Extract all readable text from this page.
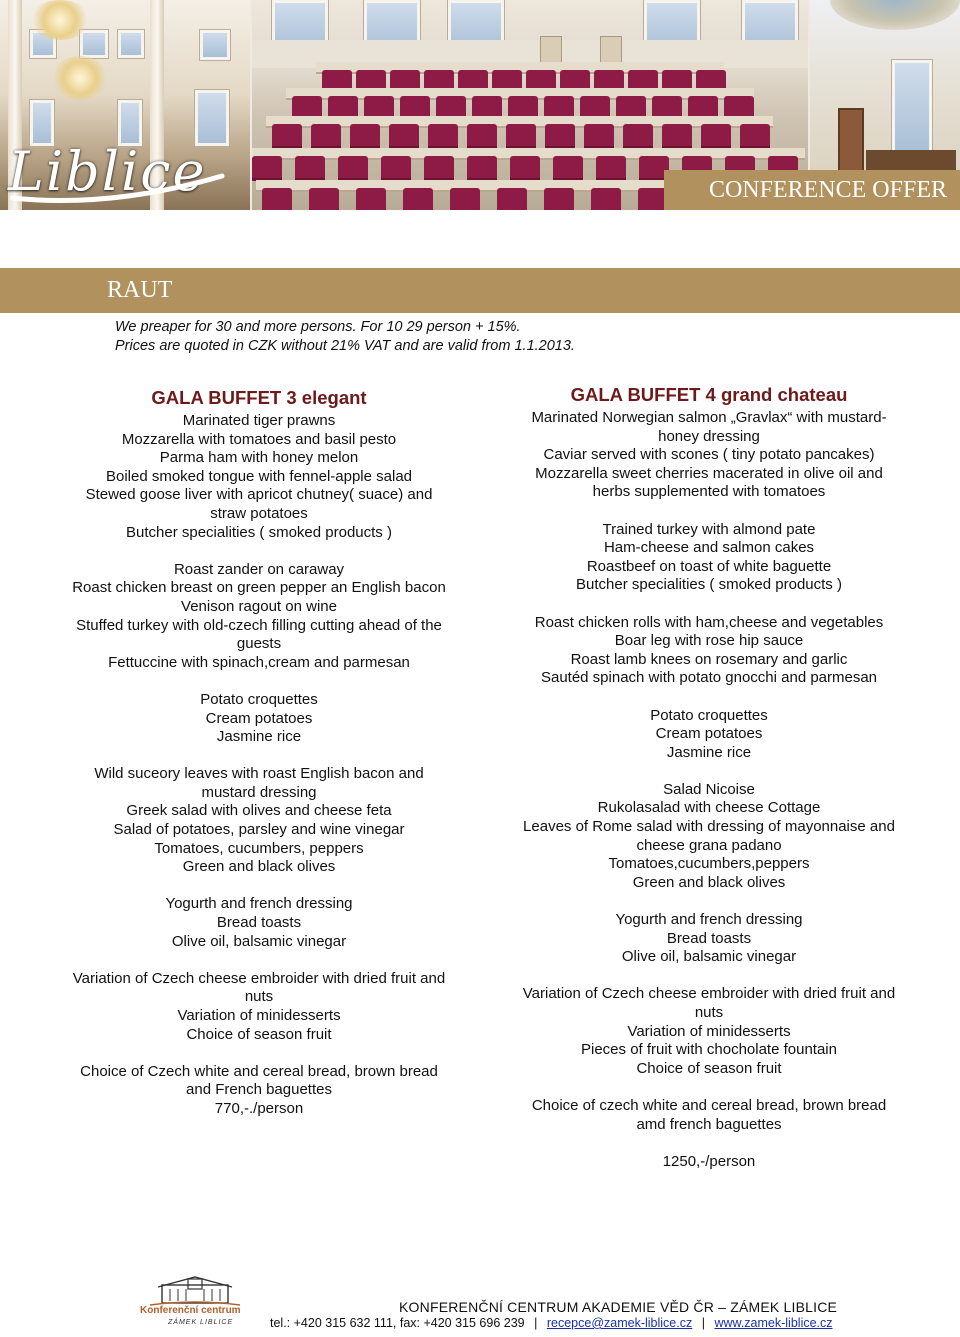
Liblice	CONFERENCE OFFER
RAUT
We preaper for 30 and more persons. For 10 29 person + 15%.
Prices are quoted in CZK without 21% VAT and are valid from 1.1.2013.
GALA BUFFET 3 elegant
Marinated tiger prawns
Mozzarella with tomatoes and basil pesto
Parma ham with honey melon
Boiled smoked tongue with fennel-apple salad
Stewed goose liver with apricot chutney( suace) and
straw potatoes
Butcher specialities ( smoked products )
Roast zander on caraway
Roast chicken breast on green pepper an English bacon
Venison ragout on wine
Stuffed turkey with old-czech filling cutting ahead of the
guests
Fettuccine with spinach,cream and parmesan
Potato croquettes
Cream potatoes
Jasmine rice
Wild suceory leaves with roast English bacon and
mustard dressing
Greek salad with olives and cheese feta
Salad of potatoes, parsley and wine vinegar
Tomatoes, cucumbers, peppers
Green and black olives
Yogurth and french dressing
Bread toasts
Olive oil, balsamic vinegar
Variation of Czech cheese embroider with dried fruit and
nuts
Variation of minidesserts
Choice of season fruit
Choice of Czech white and cereal bread, brown bread
and French baguettes
770,-./person
GALA BUFFET 4 grand chateau
Marinated Norwegian salmon „Gravlax“ with mustard-
honey dressing
Caviar served with scones ( tiny potato pancakes)
Mozzarella sweet cherries macerated in olive oil and
herbs supplemented with tomatoes
Trained turkey with almond pate
Ham-cheese and salmon cakes
Roastbeef on toast of white baguette
Butcher specialities ( smoked products )
Roast chicken rolls with ham,cheese and vegetables
Boar leg with rose hip sauce
Roast lamb knees on rosemary and garlic
Sautéd spinach with potato gnocchi and parmesan
Potato croquettes
Cream potatoes
Jasmine rice
Salad Nicoise
Rukolasalad with cheese Cottage
Leaves of Rome salad with dressing of mayonnaise and
cheese grana padano
Tomatoes,cucumbers,peppers
Green and black olives
Yogurth and french dressing
Bread toasts
Olive oil, balsamic vinegar
Variation of Czech cheese embroider with dried fruit and
nuts
Variation of minidesserts
Pieces of fruit with chocholate fountain
Choice of season fruit
Choice of czech white and cereal bread, brown bread
amd french baguettes
1250,-/person
Konferenční centrum
ZÁMEK LIBLICE
KONFERENČNÍ CENTRUM AKADEMIE VĚD ČR – ZÁMEK LIBLICE
tel.: +420 315 632 111, fax: +420 315 696 239 | recepce@zamek-liblice.cz | www.zamek-liblice.cz
